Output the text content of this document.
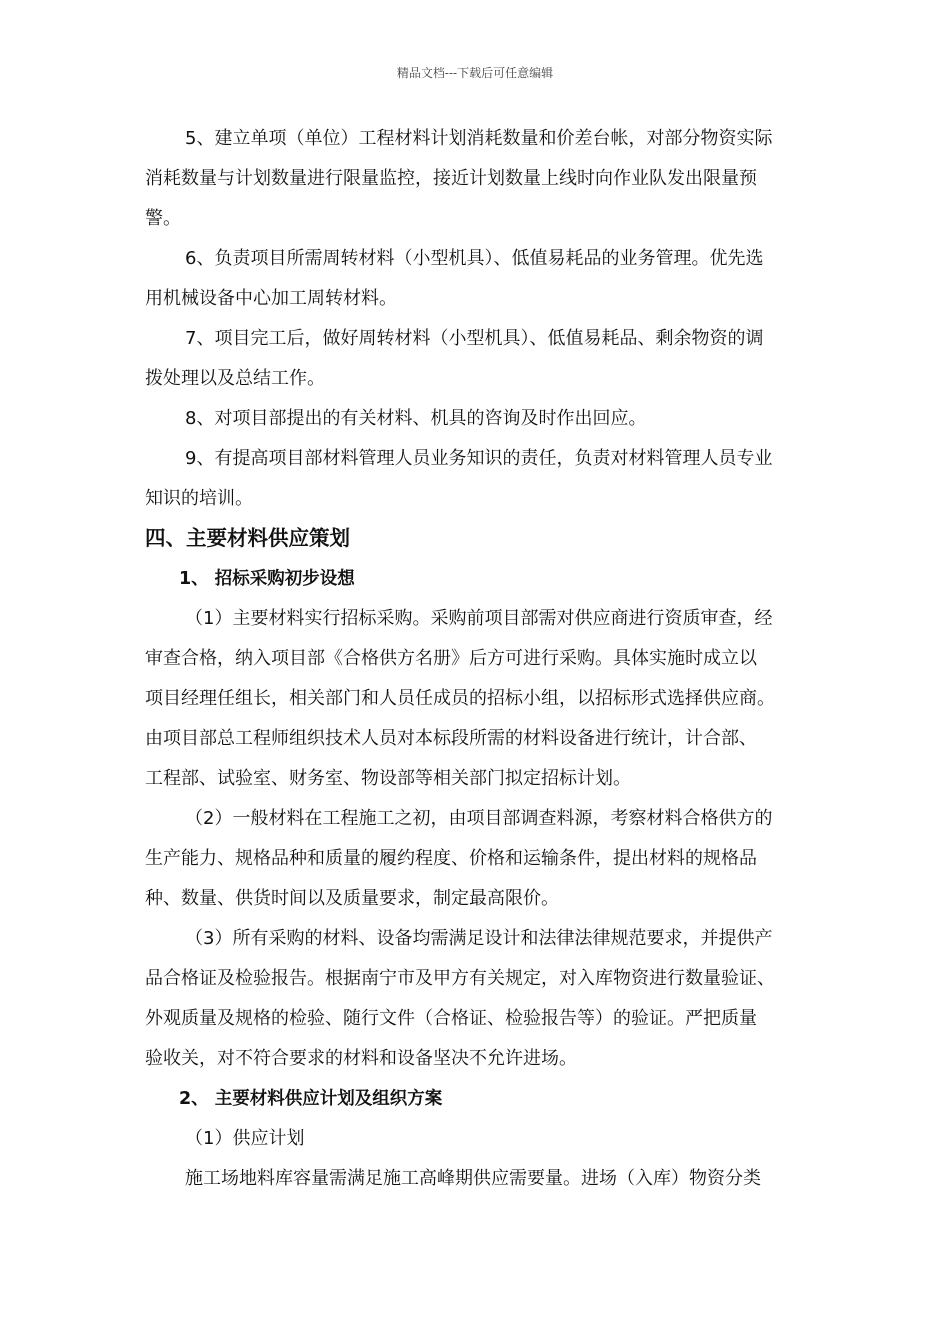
精品文档---下载后可任意编辑

5、建立单项（单位）工程材料计划消耗数量和价差台帐，对部分物资实际
消耗数量与计划数量进行限量监控，接近计划数量上线时向作业队发出限量预
警。

6、负责项目所需周转材料（小型机具）、低值易耗品的业务管理。优先选
用机械设备中心加工周转材料。

7、项目完工后，做好周转材料（小型机具）、低值易耗品、剩余物资的调
拨处理以及总结工作。

8、对项目部提出的有关材料、机具的咨询及时作出回应。

9、有提高项目部材料管理人员业务知识的责任，负责对材料管理人员专业
知识的培训。

四、主要材料供应策划

1、 招标采购初步设想

（1）主要材料实行招标采购。采购前项目部需对供应商进行资质审查，经
审查合格，纳入项目部《合格供方名册》后方可进行采购。具体实施时成立以
项目经理任组长，相关部门和人员任成员的招标小组，以招标形式选择供应商。
由项目部总工程师组织技术人员对本标段所需的材料设备进行统计，计合部、
工程部、试验室、财务室、物设部等相关部门拟定招标计划。

（2）一般材料在工程施工之初，由项目部调查料源，考察材料合格供方的
生产能力、规格品种和质量的履约程度、价格和运输条件，提出材料的规格品
种、数量、供货时间以及质量要求，制定最高限价。

（3）所有采购的材料、设备均需满足设计和法律法律规范要求，并提供产
品合格证及检验报告。根据南宁市及甲方有关规定，对入库物资进行数量验证、
外观质量及规格的检验、随行文件（合格证、检验报告等）的验证。严把质量
验收关，对不符合要求的材料和设备坚决不允许进场。

2、 主要材料供应计划及组织方案

（1）供应计划

施工场地料库容量需满足施工高峰期供应需要量。进场（入库）物资分类
